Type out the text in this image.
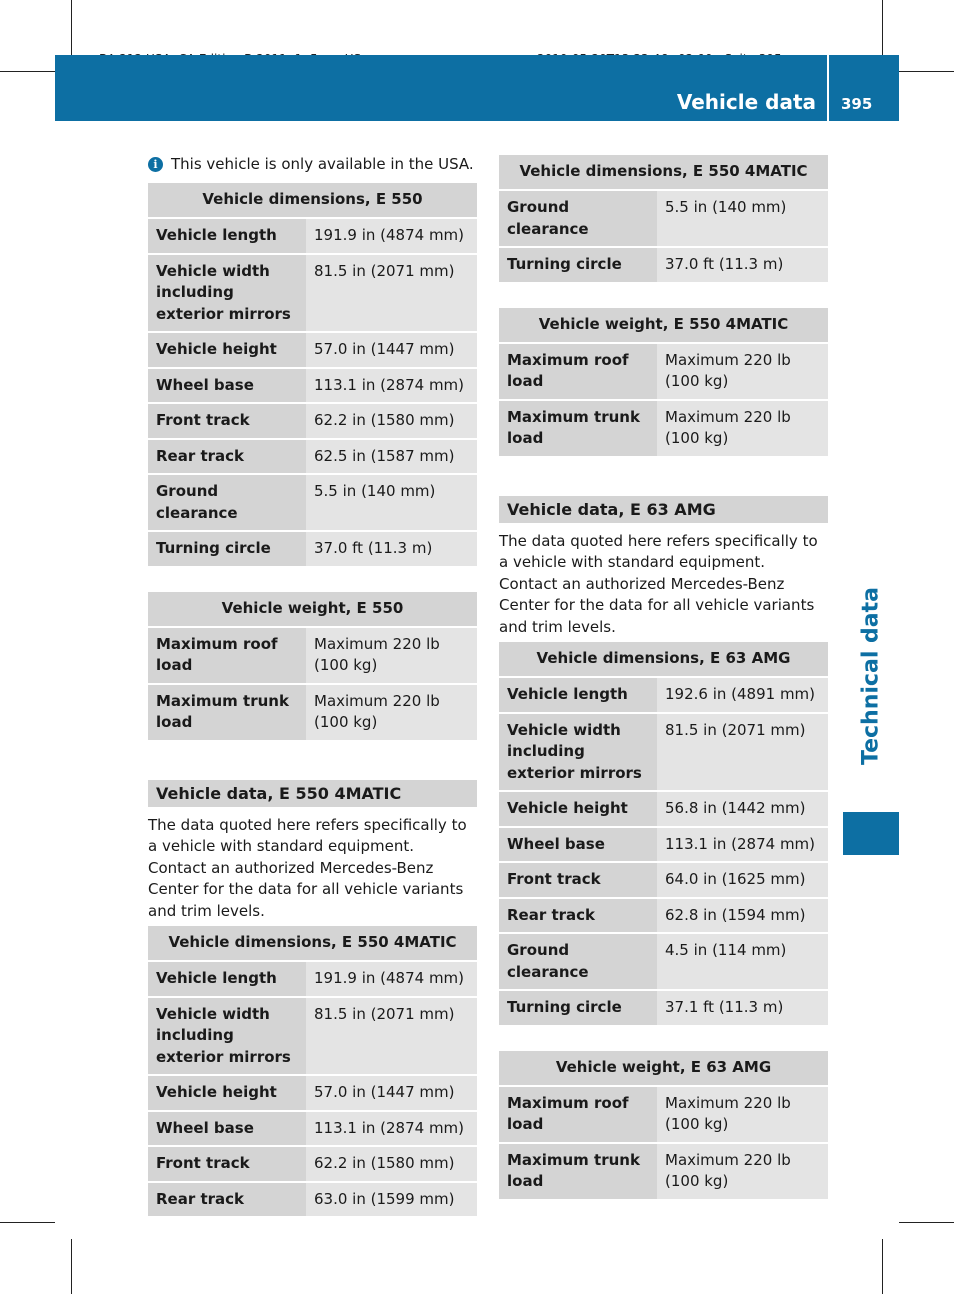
Vehicle data 395
Technical data
i This vehicle is only available in the USA.
Vehicle dimensions, E 550	
Vehicle length	191.9 in (4874 mm)
Vehicle width including exterior mirrors	81.5 in (2071 mm)
Vehicle height	57.0 in (1447 mm)
Wheel base	113.1 in (2874 mm)
Front track	62.2 in (1580 mm)
Rear track	62.5 in (1587 mm)
Ground clearance	5.5 in (140 mm)
Turning circle	37.0 ft (11.3 m)
Vehicle weight, E 550	
Maximum roof load	Maximum 220 lb (100 kg)
Maximum trunk load	Maximum 220 lb (100 kg)
Vehicle data, E 550 4MATIC

The data quoted here refers specifically to a vehicle with standard equipment. Contact an authorized Mercedes-Benz Center for the data for all vehicle variants and trim levels.

Vehicle dimensions, E 550 4MATIC	
Vehicle length	191.9 in (4874 mm)
Vehicle width including exterior mirrors	81.5 in (2071 mm)
Vehicle height	57.0 in (1447 mm)
Wheel base	113.1 in (2874 mm)
Front track	62.2 in (1580 mm)
Rear track	63.0 in (1599 mm)
Vehicle dimensions, E 550 4MATIC	
Ground clearance	5.5 in (140 mm)
Turning circle	37.0 ft (11.3 m)
Vehicle weight, E 550 4MATIC	
Maximum roof load	Maximum 220 lb (100 kg)
Maximum trunk load	Maximum 220 lb (100 kg)
Vehicle data, E 63 AMG

The data quoted here refers specifically to a vehicle with standard equipment. Contact an authorized Mercedes-Benz Center for the data for all vehicle variants and trim levels.

Vehicle dimensions, E 63 AMG	
Vehicle length	192.6 in (4891 mm)
Vehicle width including exterior mirrors	81.5 in (2071 mm)
Vehicle height	56.8 in (1442 mm)
Wheel base	113.1 in (2874 mm)
Front track	64.0 in (1625 mm)
Rear track	62.8 in (1594 mm)
Ground clearance	4.5 in (114 mm)
Turning circle	37.1 ft (11.3 m)
Vehicle weight, E 63 AMG	
Maximum roof load	Maximum 220 lb (100 kg)
Maximum trunk load	Maximum 220 lb (100 kg)
